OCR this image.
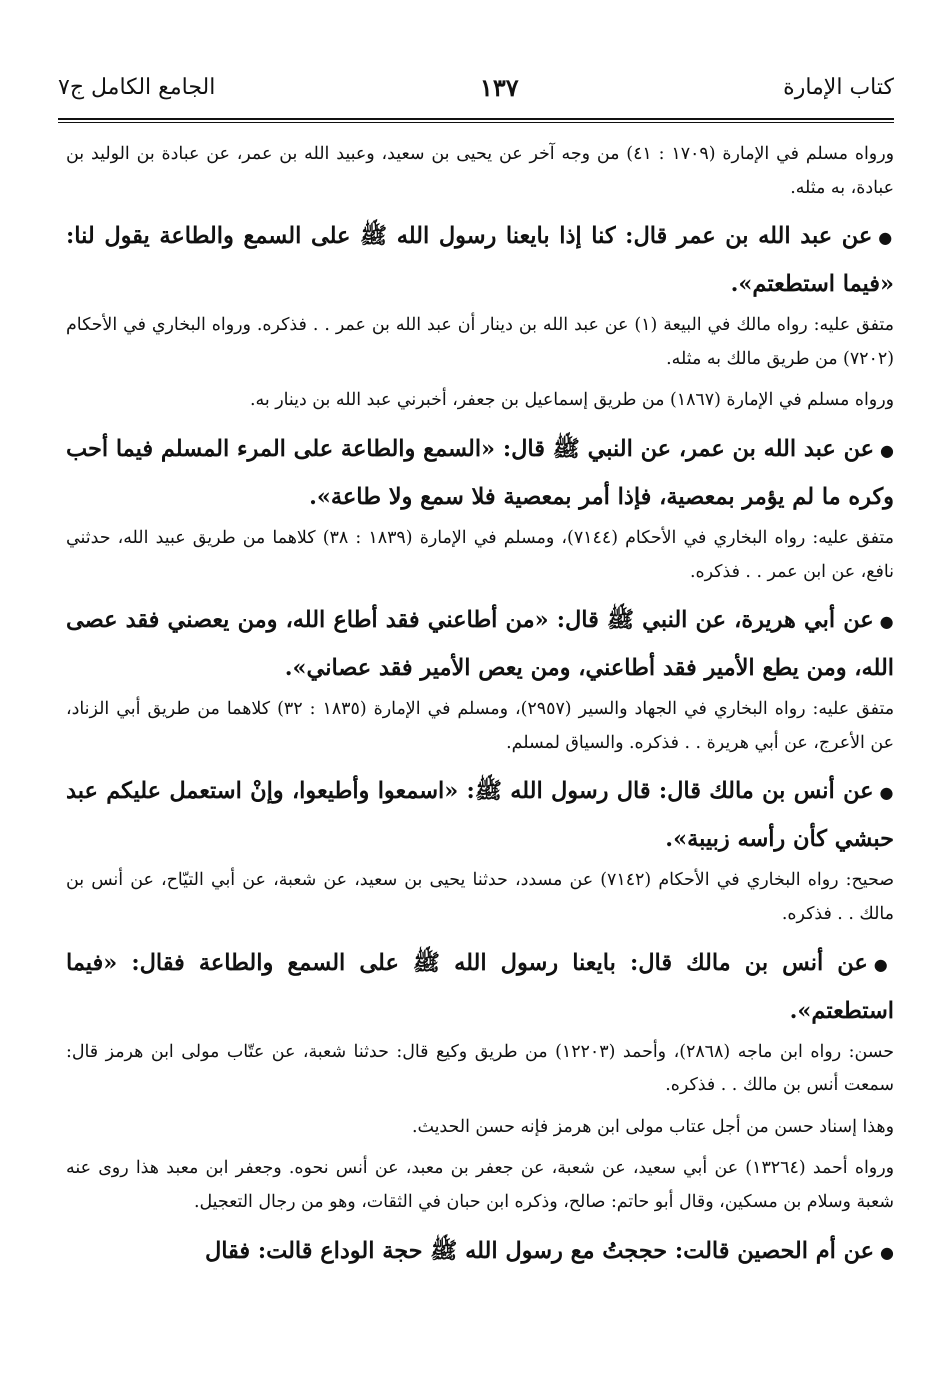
الجامع الكامل ج٧	١٣٧	كتاب الإمارة

ورواه مسلم في الإمارة (١٧٠٩ : ٤١) من وجه آخر عن يحيى بن سعيد، وعبيد الله بن عمر، عن عبادة بن الوليد بن عبادة، به مثله.

●عن عبد الله بن عمر قال: كنا إذا بايعنا رسول الله ﷺ على السمع والطاعة يقول لنا: «فيما استطعتم».

متفق عليه: رواه مالك في البيعة (١) عن عبد الله بن دينار أن عبد الله بن عمر . . فذكره. ورواه البخاري في الأحكام (٧٢٠٢) من طريق مالك به مثله.

ورواه مسلم في الإمارة (١٨٦٧) من طريق إسماعيل بن جعفر، أخبرني عبد الله بن دينار به.

●عن عبد الله بن عمر، عن النبي ﷺ قال: «السمع والطاعة على المرء المسلم فيما أحب وكره ما لم يؤمر بمعصية، فإذا أمر بمعصية فلا سمع ولا طاعة».

متفق عليه: رواه البخاري في الأحكام (٧١٤٤)، ومسلم في الإمارة (١٨٣٩ : ٣٨) كلاهما من طريق عبيد الله، حدثني نافع، عن ابن عمر . . فذكره.

●عن أبي هريرة، عن النبي ﷺ قال: «من أطاعني فقد أطاع الله، ومن يعصني فقد عصى الله، ومن يطع الأمير فقد أطاعني، ومن يعص الأمير فقد عصاني».

متفق عليه: رواه البخاري في الجهاد والسير (٢٩٥٧)، ومسلم في الإمارة (١٨٣٥ : ٣٢) كلاهما من طريق أبي الزناد، عن الأعرج، عن أبي هريرة . . فذكره. والسياق لمسلم.

●عن أنس بن مالك قال: قال رسول الله ﷺ: «اسمعوا وأطيعوا، وإنْ استعمل عليكم عبد حبشي كأن رأسه زبيبة».

صحيح: رواه البخاري في الأحكام (٧١٤٢) عن مسدد، حدثنا يحيى بن سعيد، عن شعبة، عن أبي التيّاح، عن أنس بن مالك . . فذكره.

●عن أنس بن مالك قال: بايعنا رسول الله ﷺ على السمع والطاعة فقال: «فيما استطعتم».

حسن: رواه ابن ماجه (٢٨٦٨)، وأحمد (١٢٢٠٣) من طريق وكيع قال: حدثنا شعبة، عن عتّاب مولى ابن هرمز قال: سمعت أنس بن مالك . . فذكره.

وهذا إسناد حسن من أجل عتاب مولى ابن هرمز فإنه حسن الحديث.

ورواه أحمد (١٣٢٦٤) عن أبي سعيد، عن شعبة، عن جعفر بن معبد، عن أنس نحوه. وجعفر ابن معبد هذا روى عنه شعبة وسلام بن مسكين، وقال أبو حاتم: صالح، وذكره ابن حبان في الثقات، وهو من رجال التعجيل.

●عن أم الحصين قالت: حججتُ مع رسول الله ﷺ حجة الوداع قالت: فقال
